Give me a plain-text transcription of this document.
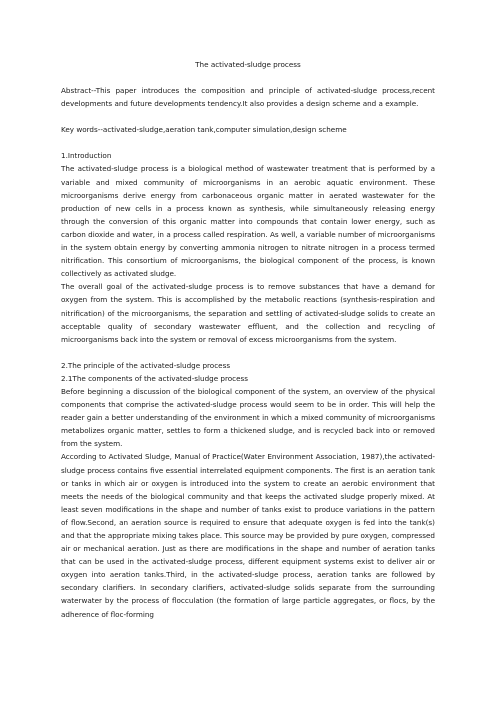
The activated-sludge process

Abstract--This paper introduces the composition and principle of activated-sludge process,recent developments and future developments tendency.It also provides a design scheme and a example.

Key words--activated-sludge,aeration tank,computer simulation,design scheme

1.Introduction

The activated-sludge process is a biological method of wastewater treatment that is performed by a variable and mixed community of microorganisms in an aerobic aquatic environment. These microorganisms derive energy from carbonaceous organic matter in aerated wastewater for the production of new cells in a process known as synthesis, while simultaneously releasing energy through the conversion of this organic matter into compounds that contain lower energy, such as carbon dioxide and water, in a process called respiration. As well, a variable number of microorganisms in the system obtain energy by converting ammonia nitrogen to nitrate nitrogen in a process termed nitrification. This consortium of microorganisms, the biological component of the process, is known collectively as activated sludge.

The overall goal of the activated-sludge process is to remove substances that have a demand for oxygen from the system. This is accomplished by the metabolic reactions (synthesis-respiration and nitrification) of the microorganisms, the separation and settling of activated-sludge solids to create an acceptable quality of secondary wastewater effluent, and the collection and recycling of microorganisms back into the system or removal of excess microorganisms from the system.

2.The principle of the activated-sludge process

2.1The components of the activated-sludge process

Before beginning a discussion of the biological component of the system, an overview of the physical components that comprise the activated-sludge process would seem to be in order. This will help the reader gain a better understanding of the environment in which a mixed community of microorganisms metabolizes organic matter, settles to form a thickened sludge, and is recycled back into or removed from the system.

According to Activated Sludge, Manual of Practice(Water Environment Association, 1987),the activated-sludge process contains five essential interrelated equipment components. The first is an aeration tank or tanks in which air or oxygen is introduced into the system to create an aerobic environment that meets the needs of the biological community and that keeps the activated sludge properly mixed. At least seven modifications in the shape and number of tanks exist to produce variations in the pattern of flow.Second, an aeration source is required to ensure that adequate oxygen is fed into the tank(s) and that the appropriate mixing takes place. This source may be provided by pure oxygen, compressed air or mechanical aeration. Just as there are modifications in the shape and number of aeration tanks that can be used in the activated-sludge process, different equipment systems exist to deliver air or oxygen into aeration tanks.Third, in the activated-sludge process, aeration tanks are followed by secondary clarifiers. In secondary clarifiers, activated-sludge solids separate from the surrounding waterwater by the process of flocculation (the formation of large particle aggregates, or flocs, by the adherence of floc-forming
